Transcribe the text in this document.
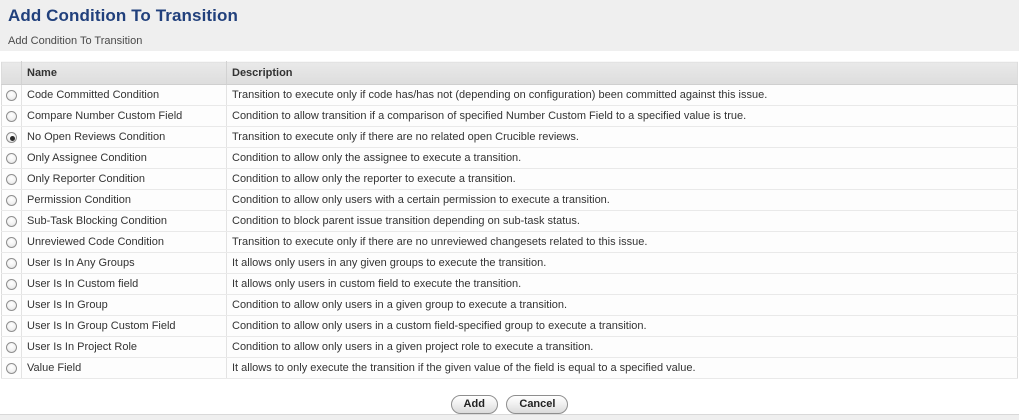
Add Condition To Transition
Add Condition To Transition
	Name	Description
	Code Committed Condition	Transition to execute only if code has/has not (depending on configuration) been committed against this issue.
	Compare Number Custom Field	Condition to allow transition if a comparison of specified Number Custom Field to a specified value is true.
	No Open Reviews Condition	Transition to execute only if there are no related open Crucible reviews.
	Only Assignee Condition	Condition to allow only the assignee to execute a transition.
	Only Reporter Condition	Condition to allow only the reporter to execute a transition.
	Permission Condition	Condition to allow only users with a certain permission to execute a transition.
	Sub-Task Blocking Condition	Condition to block parent issue transition depending on sub-task status.
	Unreviewed Code Condition	Transition to execute only if there are no unreviewed changesets related to this issue.
	User Is In Any Groups	It allows only users in any given groups to execute the transition.
	User Is In Custom field	It allows only users in custom field to execute the transition.
	User Is In Group	Condition to allow only users in a given group to execute a transition.
	User Is In Group Custom Field	Condition to allow only users in a custom field-specified group to execute a transition.
	User Is In Project Role	Condition to allow only users in a given project role to execute a transition.
	Value Field	It allows to only execute the transition if the given value of the field is equal to a specified value.
Add	Cancel
